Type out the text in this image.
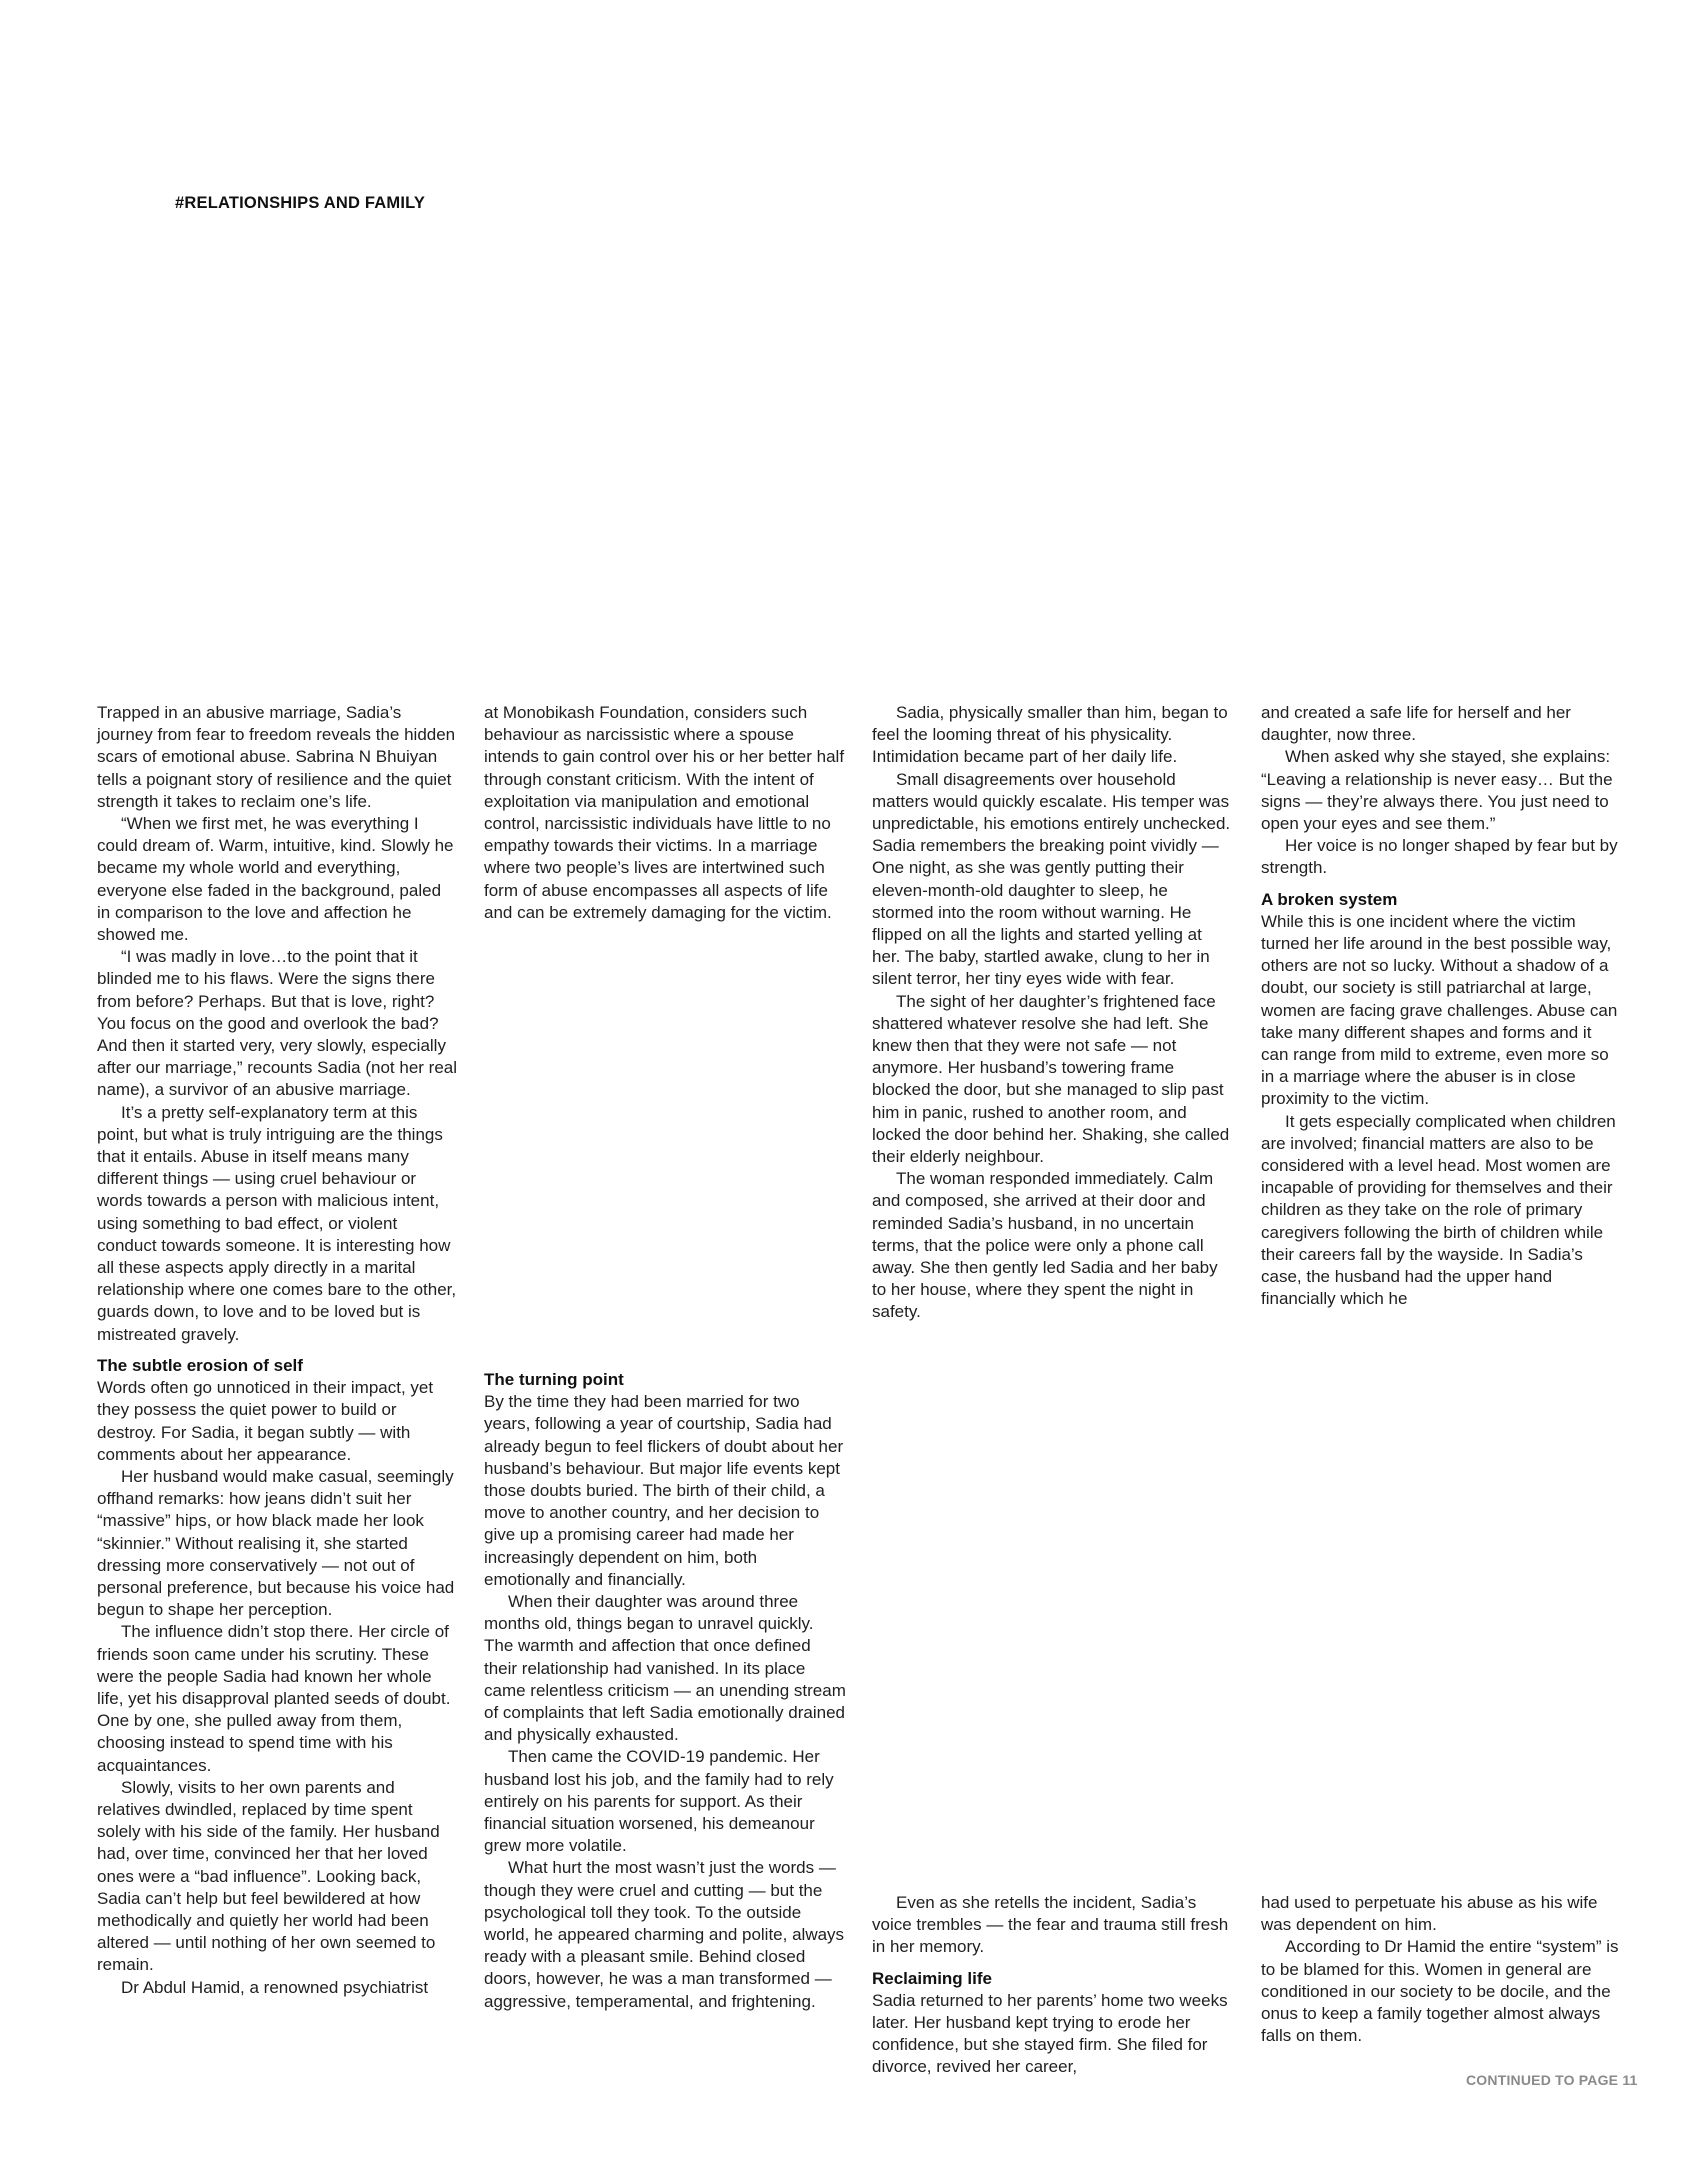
#RELATIONSHIPS AND FAMILY

Trapped in an abusive marriage, Sadia’s journey from fear to freedom reveals the hidden scars of emotional abuse. Sabrina N Bhuiyan tells a poignant story of resilience and the quiet strength it takes to reclaim one’s life.

“When we first met, he was everything I could dream of. Warm, intuitive, kind. Slowly he became my whole world and everything, everyone else faded in the background, paled in comparison to the love and affection he showed me.

“I was madly in love…to the point that it blinded me to his flaws. Were the signs there from before? Perhaps. But that is love, right? You focus on the good and overlook the bad? And then it started very, very slowly, especially after our marriage,” recounts Sadia (not her real name), a survivor of an abusive marriage.

It’s a pretty self-explanatory term at this point, but what is truly intriguing are the things that it entails. Abuse in itself means many different things — using cruel behaviour or words towards a person with malicious intent, using something to bad effect, or violent conduct towards someone. It is interesting how all these aspects apply directly in a marital relationship where one comes bare to the other, guards down, to love and to be loved but is mistreated gravely.

The subtle erosion of self

Words often go unnoticed in their impact, yet they possess the quiet power to build or destroy. For Sadia, it began subtly — with comments about her appearance.

Her husband would make casual, seemingly offhand remarks: how jeans didn’t suit her “massive” hips, or how black made her look “skinnier.” Without realising it, she started dressing more conservatively — not out of personal preference, but because his voice had begun to shape her perception.

The influence didn’t stop there. Her circle of friends soon came under his scrutiny. These were the people Sadia had known her whole life, yet his disapproval planted seeds of doubt. One by one, she pulled away from them, choosing instead to spend time with his acquaintances.

Slowly, visits to her own parents and relatives dwindled, replaced by time spent solely with his side of the family. Her husband had, over time, convinced her that her loved ones were a “bad influence”. Looking back, Sadia can’t help but feel bewildered at how methodically and quietly her world had been altered — until nothing of her own seemed to remain.

Dr Abdul Hamid, a renowned psychiatrist

at Monobikash Foundation, considers such behaviour as narcissistic where a spouse intends to gain control over his or her better half through constant criticism. With the intent of exploitation via manipulation and emotional control, narcissistic individuals have little to no empathy towards their victims. In a marriage where two people’s lives are intertwined such form of abuse encompasses all aspects of life and can be extremely damaging for the victim.

The turning point

By the time they had been married for two years, following a year of courtship, Sadia had already begun to feel flickers of doubt about her husband’s behaviour. But major life events kept those doubts buried. The birth of their child, a move to another country, and her decision to give up a promising career had made her increasingly dependent on him, both emotionally and financially.

When their daughter was around three months old, things began to unravel quickly. The warmth and affection that once defined their relationship had vanished. In its place came relentless criticism — an unending stream of complaints that left Sadia emotionally drained and physically exhausted.

Then came the COVID-19 pandemic. Her husband lost his job, and the family had to rely entirely on his parents for support. As their financial situation worsened, his demeanour grew more volatile.

What hurt the most wasn’t just the words — though they were cruel and cutting — but the psychological toll they took. To the outside world, he appeared charming and polite, always ready with a pleasant smile. Behind closed doors, however, he was a man transformed — aggressive, temperamental, and frightening.

Sadia, physically smaller than him, began to feel the looming threat of his physicality. Intimidation became part of her daily life.

Small disagreements over household matters would quickly escalate. His temper was unpredictable, his emotions entirely unchecked. Sadia remembers the breaking point vividly — One night, as she was gently putting their eleven-month-old daughter to sleep, he stormed into the room without warning. He flipped on all the lights and started yelling at her. The baby, startled awake, clung to her in silent terror, her tiny eyes wide with fear.

The sight of her daughter’s frightened face shattered whatever resolve she had left. She knew then that they were not safe — not anymore. Her husband’s towering frame blocked the door, but she managed to slip past him in panic, rushed to another room, and locked the door behind her. Shaking, she called their elderly neighbour.

The woman responded immediately. Calm and composed, she arrived at their door and reminded Sadia’s husband, in no uncertain terms, that the police were only a phone call away. She then gently led Sadia and her baby to her house, where they spent the night in safety.

Even as she retells the incident, Sadia’s voice trembles — the fear and trauma still fresh in her memory.

Reclaiming life

Sadia returned to her parents’ home two weeks later. Her husband kept trying to erode her confidence, but she stayed firm. She filed for divorce, revived her career,

and created a safe life for herself and her daughter, now three.

When asked why she stayed, she explains: “Leaving a relationship is never easy… But the signs — they’re always there. You just need to open your eyes and see them.”

Her voice is no longer shaped by fear but by strength.

A broken system

While this is one incident where the victim turned her life around in the best possible way, others are not so lucky. Without a shadow of a doubt, our society is still patriarchal at large, women are facing grave challenges. Abuse can take many different shapes and forms and it can range from mild to extreme, even more so in a marriage where the abuser is in close proximity to the victim.

It gets especially complicated when children are involved; financial matters are also to be considered with a level head. Most women are incapable of providing for themselves and their children as they take on the role of primary caregivers following the birth of children while their careers fall by the wayside. In Sadia’s case, the husband had the upper hand financially which he

had used to perpetuate his abuse as his wife was dependent on him.

According to Dr Hamid the entire “system” is to be blamed for this. Women in general are conditioned in our society to be docile, and the onus to keep a family together almost always falls on them.

CONTINUED TO PAGE 11
